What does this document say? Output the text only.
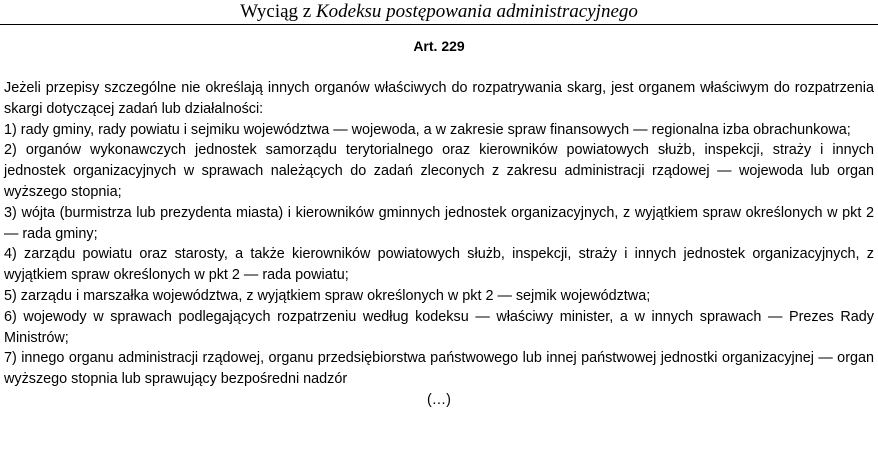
Wyciąg z Kodeksu postępowania administracyjnego
Art. 229

Jeżeli przepisy szczególne nie określają innych organów właściwych do rozpatrywania skarg, jest organem właściwym do rozpatrzenia skargi dotyczącej zadań lub działalności:

1) rady gminy, rady powiatu i sejmiku województwa — wojewoda, a w zakresie spraw finansowych — regionalna izba obrachunkowa;

2) organów wykonawczych jednostek samorządu terytorialnego oraz kierowników powiatowych służb, inspekcji, straży i innych jednostek organizacyjnych w sprawach należących do zadań zleconych z zakresu administracji rządowej — wojewoda lub organ wyższego stopnia;

3) wójta (burmistrza lub prezydenta miasta) i kierowników gminnych jednostek organizacyjnych, z wyjątkiem spraw określonych w pkt 2 — rada gminy;

4) zarządu powiatu oraz starosty, a także kierowników powiatowych służb, inspekcji, straży i innych jednostek organizacyjnych, z wyjątkiem spraw określonych w pkt 2 — rada powiatu;

5) zarządu i marszałka województwa, z wyjątkiem spraw określonych w pkt 2 — sejmik województwa;

6) wojewody w sprawach podlegających rozpatrzeniu według kodeksu — właściwy minister, a w innych sprawach — Prezes Rady Ministrów;

7) innego organu administracji rządowej, organu przedsiębiorstwa państwowego lub innej państwowej jednostki organizacyjnej — organ wyższego stopnia lub sprawujący bezpośredni nadzór

(…)
